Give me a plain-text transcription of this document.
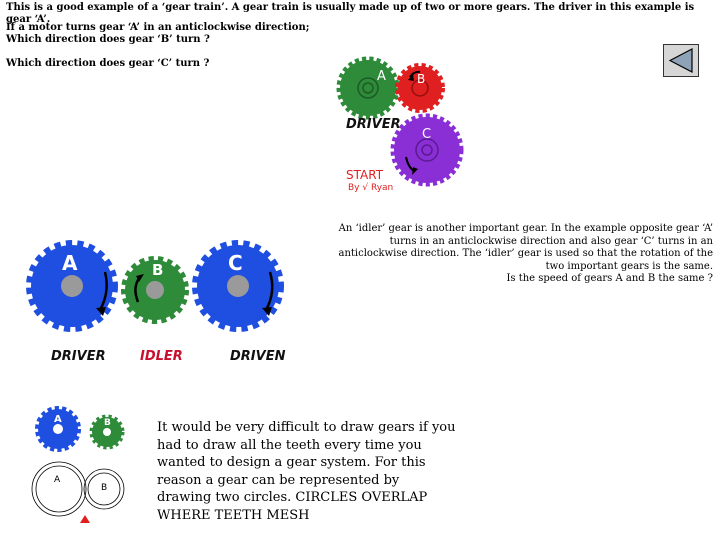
This is a good example of a ‘gear train’. A gear train is usually made up of two or more gears. The driver in this example is gear ‘A’.
If a motor turns gear ‘A’ in an anticlockwise direction;
Which direction does gear ‘B’ turn ?
Which direction does gear ‘C’ turn ?
A	B
C
DRIVER
START
By √ Ryan
An ‘idler’ gear is another important gear. In the example opposite gear ‘A’ turns in an anticlockwise direction and also gear ‘C’ turns in an anticlockwise direction. The ‘idler’ gear is used so that the rotation of the two important gears is the same.
Is the speed of gears A and B the same ?
A	B	C
DRIVER	IDLER	DRIVEN
A	B
A
B
It would be very difficult to draw gears if you had to draw all the teeth every time you wanted to design a gear system. For this reason a gear can be represented by drawing two circles. CIRCLES OVERLAP WHERE TEETH MESH
